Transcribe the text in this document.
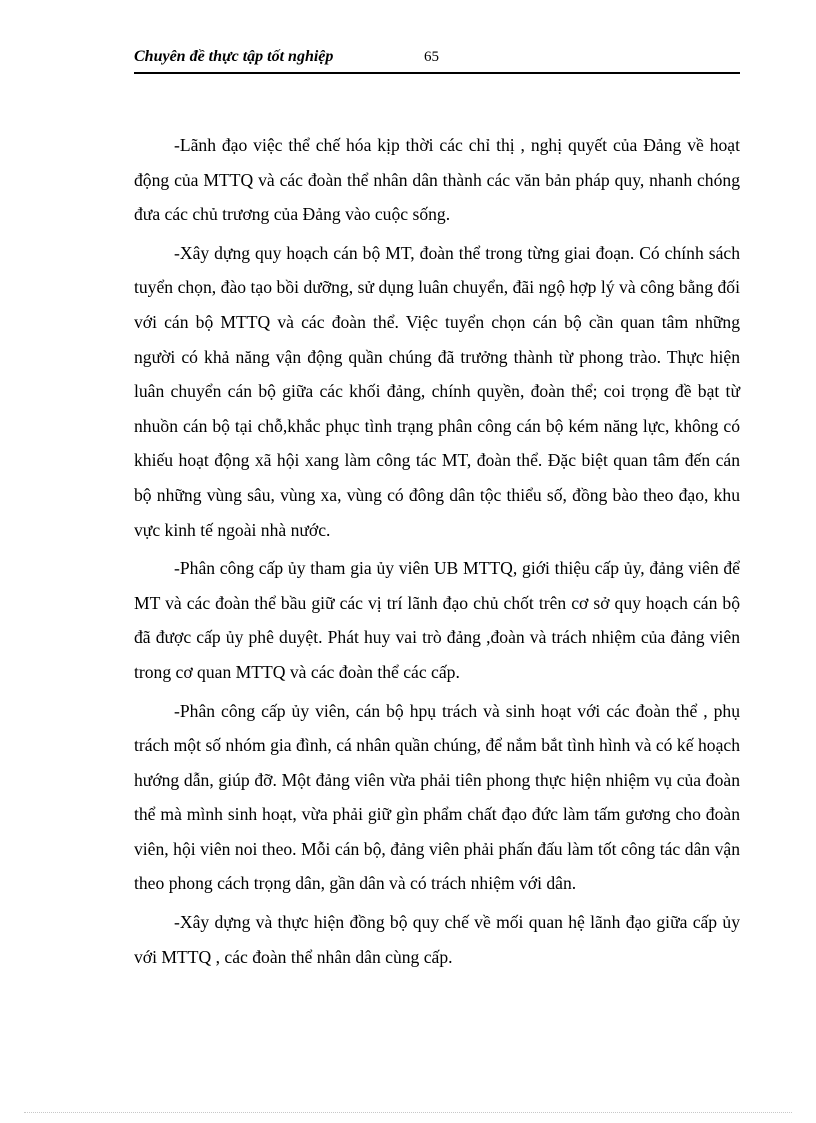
Chuyên đề thực tập tốt nghiệp	65

-Lãnh đạo việc thể chế hóa kịp thời các chỉ thị , nghị quyết của Đảng về hoạt động của MTTQ và các đoàn thể nhân dân thành các văn bản pháp quy, nhanh chóng đưa các chủ trương của Đảng vào cuộc sống.

-Xây dựng quy hoạch cán bộ MT, đoàn thể trong từng giai đoạn. Có chính sách tuyển chọn, đào tạo bồi dưỡng, sử dụng luân chuyển, đãi ngộ hợp lý và công bằng đối với cán bộ MTTQ và các đoàn thể. Việc tuyển chọn cán bộ cần quan tâm những người có khả năng vận động quần chúng đã trưởng thành từ phong trào. Thực hiện luân chuyển cán bộ giữa các khối đảng, chính quyền, đoàn thể; coi trọng đề bạt từ nhuồn cán bộ tại chỗ,khắc phục tình trạng phân công cán bộ kém năng lực, không có khiếu hoạt động xã hội xang làm công tác MT, đoàn thể. Đặc biệt quan tâm đến cán bộ những vùng sâu, vùng xa, vùng có đông dân tộc thiểu số, đồng bào theo đạo, khu vực kinh tế ngoài nhà nước.

-Phân công cấp ủy tham gia ủy viên UB MTTQ, giới thiệu cấp ủy, đảng viên để MT và các đoàn thể bầu giữ các vị trí lãnh đạo chủ chốt trên cơ sở quy hoạch cán bộ đã được cấp ủy phê duyệt. Phát huy vai trò đảng ,đoàn và trách nhiệm của đảng viên trong cơ quan MTTQ và các đoàn thể các cấp.

-Phân công cấp ủy viên, cán bộ hpụ trách và sinh hoạt với các đoàn thể , phụ trách một số nhóm gia đình, cá nhân quần chúng, để nắm bắt tình hình và có kế hoạch hướng dẫn, giúp đỡ. Một đảng viên vừa phải tiên phong thực hiện nhiệm vụ của đoàn thể mà mình sinh hoạt, vừa phải giữ gìn phẩm chất đạo đức làm tấm gương cho đoàn viên, hội viên noi theo. Mỗi cán bộ, đảng viên phải phấn đấu làm tốt công tác dân vận theo phong cách trọng dân, gần dân và có trách nhiệm với dân.

-Xây dựng và thực hiện đồng bộ quy chế về mối quan hệ lãnh đạo giữa cấp ủy với MTTQ , các đoàn thể nhân dân cùng cấp.
